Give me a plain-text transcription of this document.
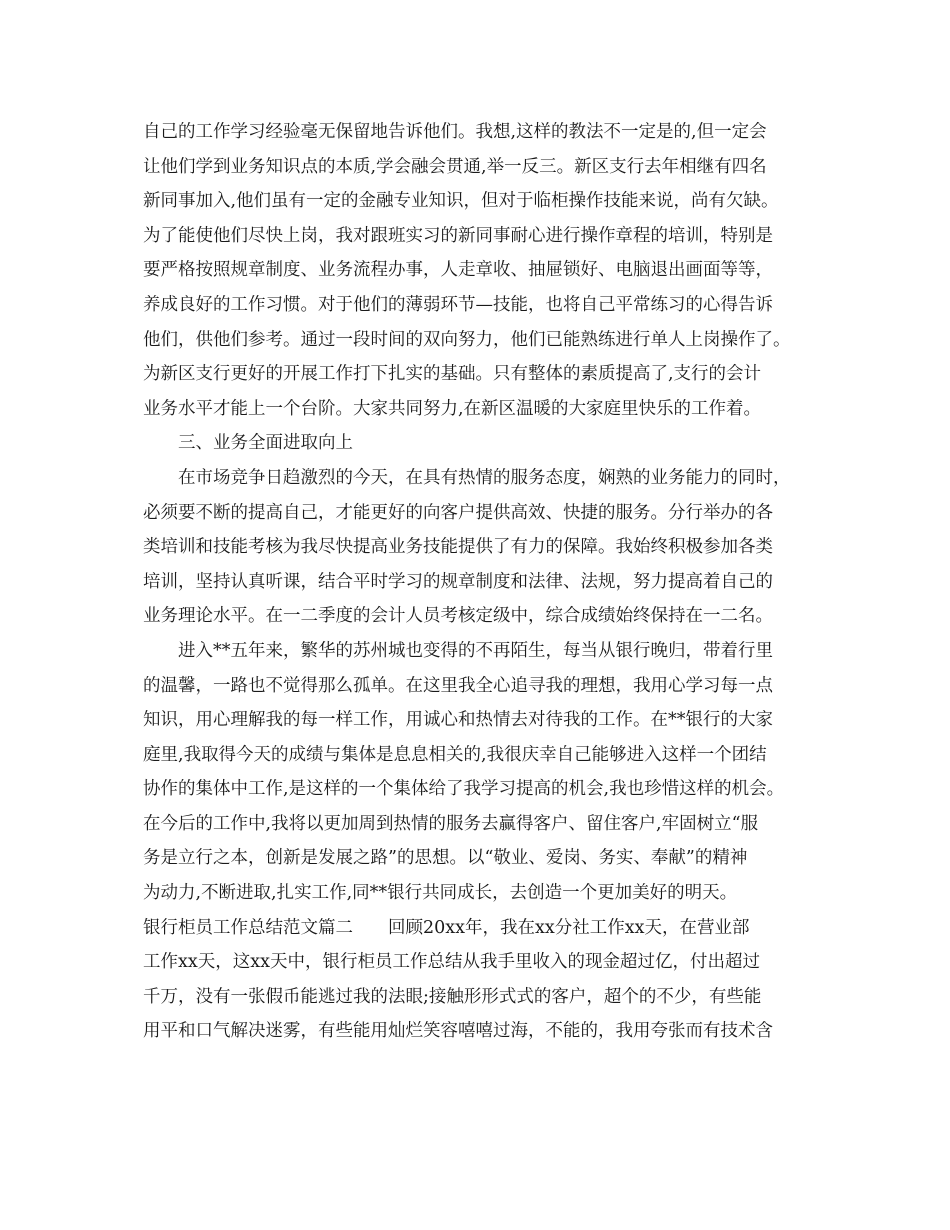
自己的工作学习经验毫无保留地告诉他们。我想,这样的教法不一定是的,但一定会
让他们学到业务知识点的本质,学会融会贯通,举一反三。新区支行去年相继有四名
新同事加入,他们虽有一定的金融专业知识，但对于临柜操作技能来说，尚有欠缺。
为了能使他们尽快上岗，我对跟班实习的新同事耐心进行操作章程的培训，特别是
要严格按照规章制度、业务流程办事，人走章收、抽屉锁好、电脑退出画面等等，
养成良好的工作习惯。对于他们的薄弱环节—技能，也将自己平常练习的心得告诉
他们，供他们参考。通过一段时间的双向努力，他们已能熟练进行单人上岗操作了。
为新区支行更好的开展工作打下扎实的基础。只有整体的素质提高了,支行的会计
业务水平才能上一个台阶。大家共同努力,在新区温暖的大家庭里快乐的工作着。
三、业务全面进取向上
在市场竞争日趋激烈的今天，在具有热情的服务态度，娴熟的业务能力的同时，
必须要不断的提高自己，才能更好的向客户提供高效、快捷的服务。分行举办的各
类培训和技能考核为我尽快提高业务技能提供了有力的保障。我始终积极参加各类
培训，坚持认真听课，结合平时学习的规章制度和法律、法规，努力提高着自己的
业务理论水平。在一二季度的会计人员考核定级中，综合成绩始终保持在一二名。
进入**五年来，繁华的苏州城也变得的不再陌生，每当从银行晚归，带着行里
的温馨，一路也不觉得那么孤单。在这里我全心追寻我的理想，我用心学习每一点
知识，用心理解我的每一样工作，用诚心和热情去对待我的工作。在**银行的大家
庭里,我取得今天的成绩与集体是息息相关的,我很庆幸自己能够进入这样一个团结
协作的集体中工作,是这样的一个集体给了我学习提高的机会,我也珍惜这样的机会。
在今后的工作中,我将以更加周到热情的服务去赢得客户、留住客户,牢固树立“服
务是立行之本，创新是发展之路”的思想。以“敬业、爱岗、务实、奉献”的精神
为动力,不断进取,扎实工作,同**银行共同成长，去创造一个更加美好的明天。
银行柜员工作总结范文篇二　　回顾20xx年，我在xx分社工作xx天，在营业部
工作xx天，这xx天中，银行柜员工作总结从我手里收入的现金超过亿，付出超过
千万，没有一张假币能逃过我的法眼;接触形形式式的客户，超个的不少，有些能
用平和口气解决迷雾，有些能用灿烂笑容嘻嘻过海，不能的，我用夸张而有技术含
